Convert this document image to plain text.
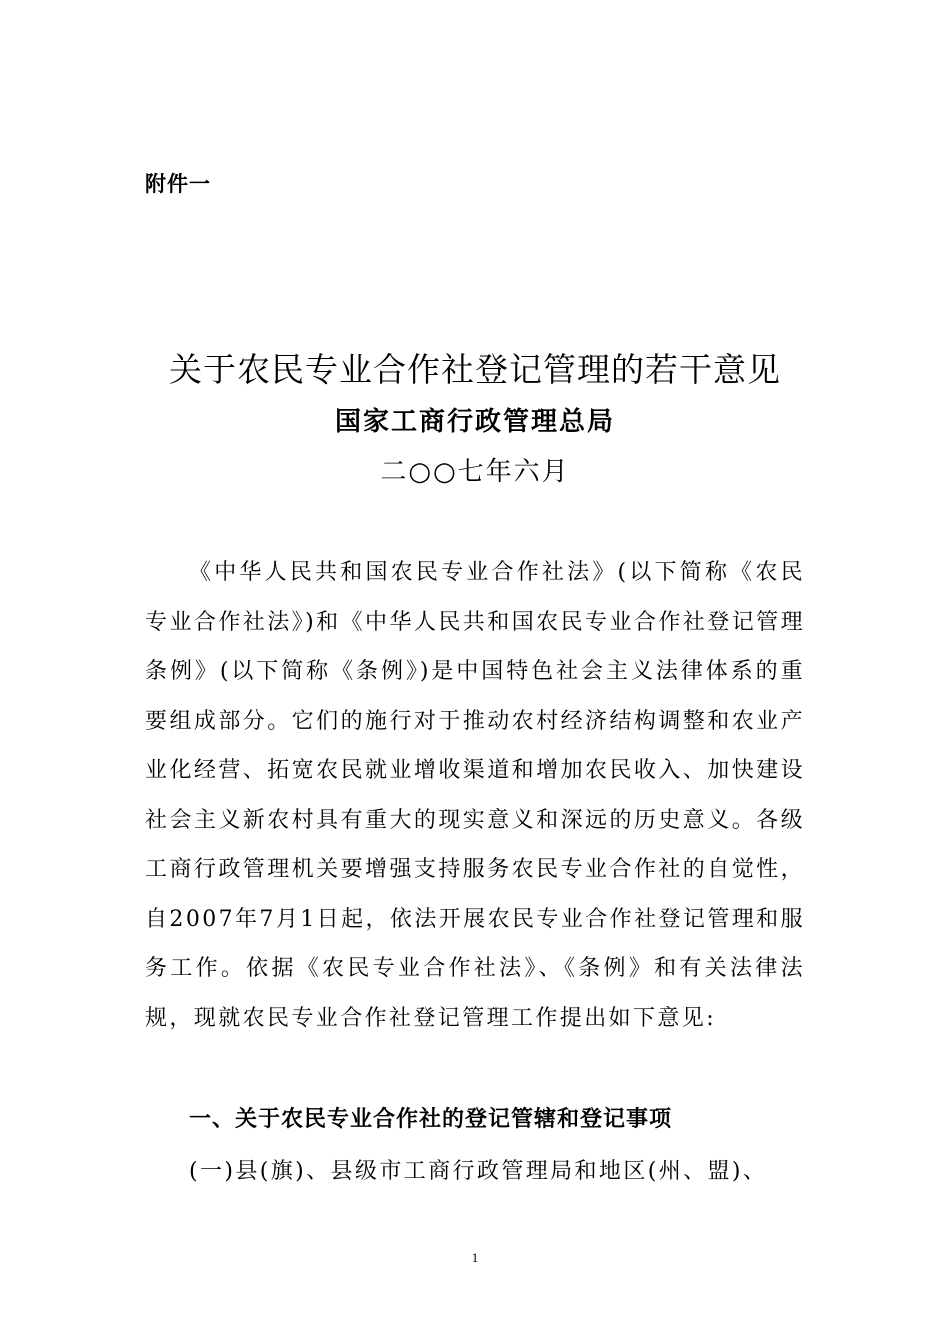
附件一
关于农民专业合作社登记管理的若干意见
国家工商行政管理总局
二○○七年六月
《中华人民共和国农民专业合作社法》(以下简称《农民专业合作社法》)和《中华人民共和国农民专业合作社登记管理条例》(以下简称《条例》)是中国特色社会主义法律体系的重要组成部分。它们的施行对于推动农村经济结构调整和农业产业化经营、拓宽农民就业增收渠道和增加农民收入、加快建设社会主义新农村具有重大的现实意义和深远的历史意义。各级工商行政管理机关要增强支持服务农民专业合作社的自觉性，自2007年7月1日起，依法开展农民专业合作社登记管理和服务工作。依据《农民专业合作社法》、《条例》和有关法律法规，现就农民专业合作社登记管理工作提出如下意见:
一、关于农民专业合作社的登记管辖和登记事项
(一)县(旗)、县级市工商行政管理局和地区(州、盟)、
1
